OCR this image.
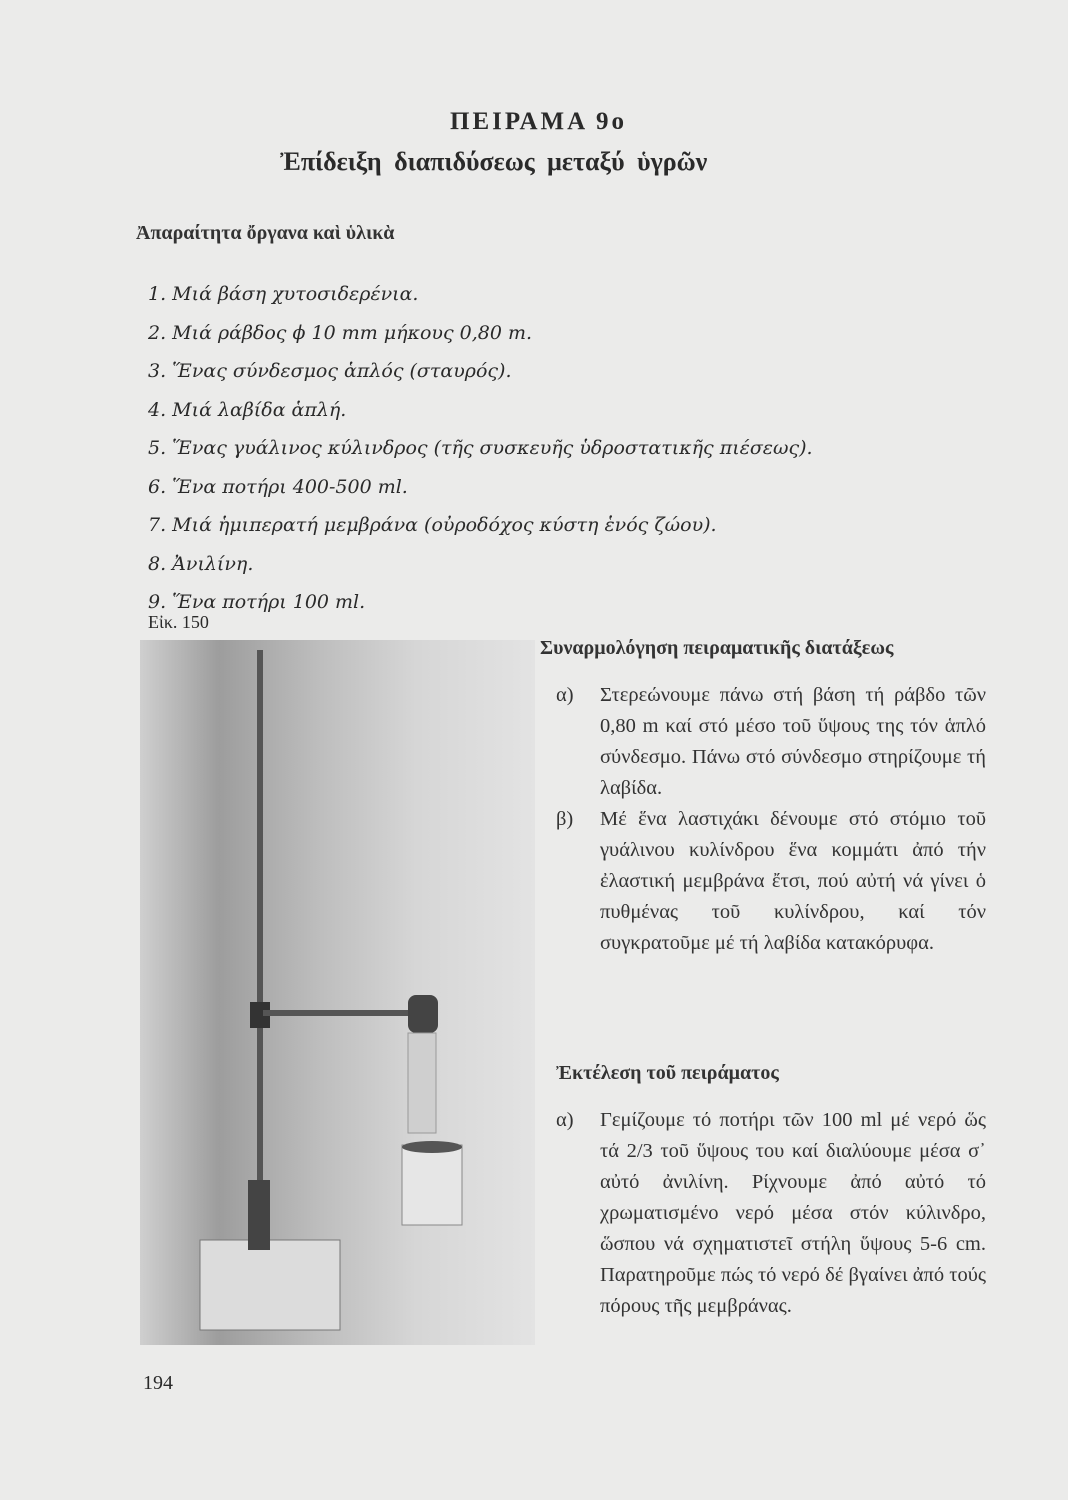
ΠΕΙΡΑΜΑ 9ο
Ἐπίδειξη διαπιδύσεως μεταξύ ὑγρῶν
Ἀπαραίτητα ὄργανα καὶ ὑλικὰ
1. Μιά βάση χυτοσιδερένια.
2. Μιά ράβδος ϕ 10 mm μήκους 0,80 m.
3. Ἕνας σύνδεσμος ἁπλός (σταυρός).
4. Μιά λαβίδα ἁπλή.
5. Ἕνας γυάλινος κύλινδρος (τῆς συσκευῆς ὑδροστατικῆς πιέσεως).
6. Ἕνα ποτήρι 400-500 ml.
7. Μιά ἡμιπερατή μεμβράνα (οὐροδόχος κύστη ἑνός ζώου).
8. Ἀνιλίνη.
9. Ἕνα ποτήρι 100 ml.
Εἰκ. 150
Συναρμολόγηση πειραματικῆς διατάξεως
α)	Στερεώνουμε πάνω στή βάση τή ράβδο τῶν 0,80 m καί στό μέσο τοῦ ὕψους της τόν ἁπλό σύνδεσμο. Πάνω στό σύνδεσμο στηρίζουμε τή λαβίδα.
β)	Μέ ἕνα λαστιχάκι δένουμε στό στόμιο τοῦ γυάλινου κυλίνδρου ἕνα κομμάτι ἀπό τήν ἐλαστική μεμβράνα ἔτσι, πού αὐτή νά γίνει ὁ πυθμένας τοῦ κυλίνδρου, καί τόν συγκρατοῦμε μέ τή λαβίδα κατακόρυφα.
Ἐκτέλεση τοῦ πειράματος
α)	Γεμίζουμε τό ποτήρι τῶν 100 ml μέ νερό ὥς τά 2/3 τοῦ ὕψους του καί διαλύουμε μέσα σ᾿ αὐτό ἀνιλίνη. Ρίχνουμε ἀπό αὐτό τό χρωματισμένο νερό μέσα στόν κύλινδρο, ὥσπου νά σχηματιστεῖ στήλη ὕψους 5-6 cm. Παρατηροῦμε πώς τό νερό δέ βγαίνει ἀπό τούς πόρους τῆς μεμβράνας.
194
